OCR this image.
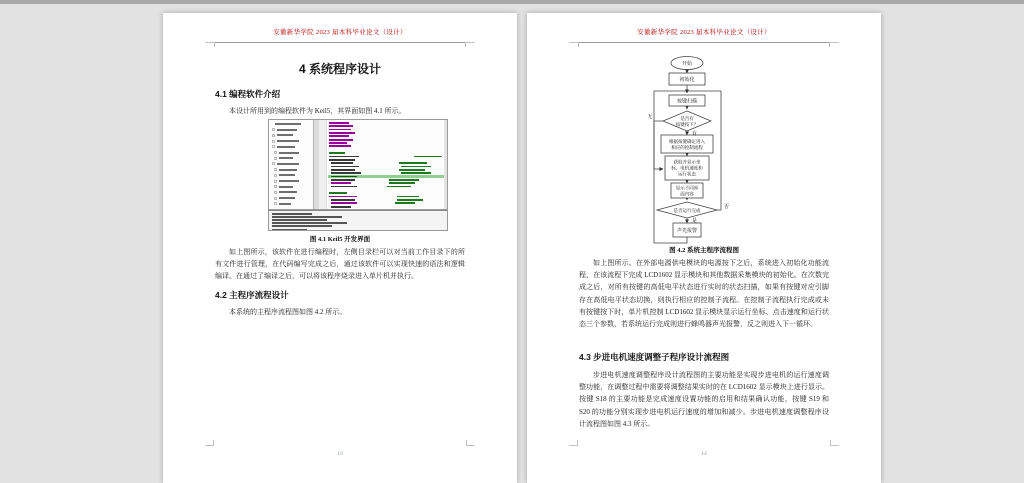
安徽新华学院 2023 届本科毕业论文（设计）
4 系统程序设计
4.1 编程软件介绍
本设计所用到的编程软件为 Keil5，其界面如图 4.1 所示。
图 4.1 Keil5 开发界面
如上图所示，该软件在进行编程时，左侧目录栏可以对当前工作目录下的所有文件进行管理，在代码编写完成之后，通过该软件可以实现快速的语法和逻辑编译。在通过了编译之后，可以将该程序烧录进入单片机并执行。
4.2 主程序流程设计
本系统的主程序流程图如图 4.2 所示。
13
安徽新华学院 2023 届本科毕业论文（设计）
开始
初始化
按键扫描
是否有
按键按下？
无
有
根据按键确定进入
相应的控制流程
获取并显示坐
标、电机速度和
运行状态
显示不同界
面内容
是否运行完成
否
是
声光报警
图 4.2 系统主程序流程图
如上图所示。在外部电源供电模块的电源按下之后，系统进入初始化功能流程，在该流程下完成 LCD1602 显示模块和其他数据采集模块的初始化。在次数完成之后，对所有按键的高低电平状态进行实时的状态扫描，如果有按键对应引脚存在高低电平状态切换，则执行相应的控制子流程。在控制子流程执行完成或未有按键按下时，单片机控制 LCD1602 显示模块显示运行坐标、点击速度和运行状态三个参数，若系统运行完成则进行蜂鸣器声光报警，反之则进入下一循环。
4.3 步进电机速度调整子程序设计流程图
步进电机速度调整程序设计流程图的主要功能是实现步进电机的运行速度调整功能，在调整过程中需要将调整结果实时的在 LCD1602 显示模块上进行显示。按键 S18 的主要功能是完成速度设置功能的启用和结果确认功能，按键 S19 和 S20 的功能分别实现步进电机运行速度的增加和减少。步进电机速度调整程序设计流程图如图 4.3 所示。
14
